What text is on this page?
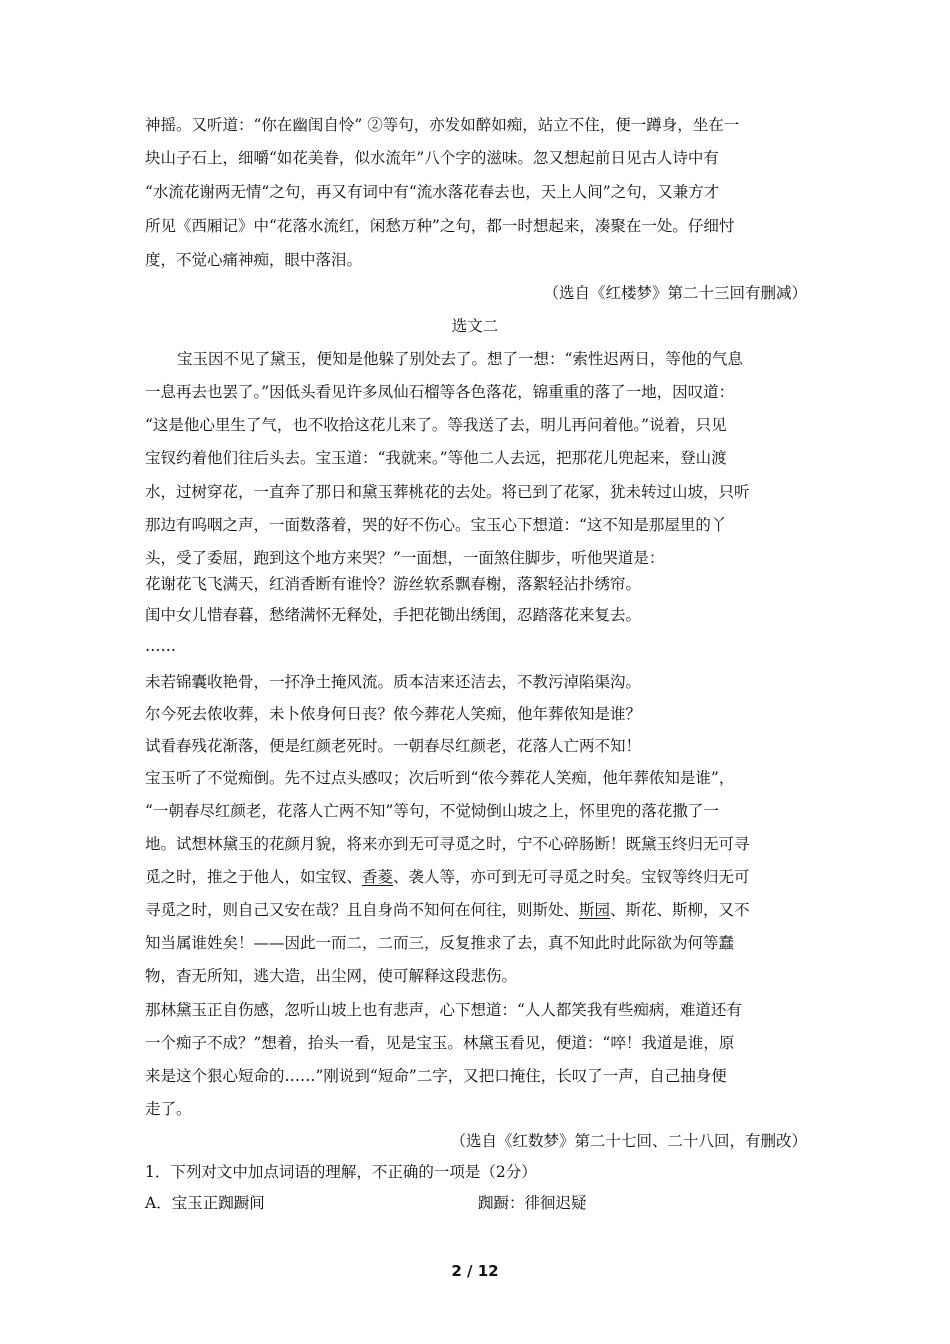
神摇。又听道：“你在幽闺自怜” ②等句，亦发如醉如痴，站立不住，便一蹲身，坐在一
块山子石上，细嚼“如花美眷，似水流年”八个字的滋味。忽又想起前日见古人诗中有
“水流花谢两无情“之句，再又有词中有“流水落花春去也，天上人间”之句，又兼方才
所见《西厢记》中“花落水流红，闲愁万种”之句，都一时想起来，凑聚在一处。仔细忖
度，不觉心痛神痴，眼中落泪。
（选自《红楼梦》第二十三回有删减）
选文二
宝玉因不见了黛玉，便知是他躲了别处去了。想了一想：“索性迟两日，等他的气息
一息再去也罢了。”因低头看见许多凤仙石榴等各色落花，锦重重的落了一地，因叹道：
“这是他心里生了气，也不收拾这花儿来了。等我送了去，明儿再问着他。”说着，只见
宝钗约着他们往后头去。宝玉道：“我就来。”等他二人去远，把那花儿兜起来，登山渡
水，过树穿花，一直奔了那日和黛玉葬桃花的去处。将已到了花冢，犹未转过山坡，只听
那边有呜咽之声，一面数落着，哭的好不伤心。宝玉心下想道：“这不知是那屋里的丫
头，受了委屈，跑到这个地方来哭？”一面想，一面煞住脚步，听他哭道是：
花谢花飞飞满天，红消香断有谁怜？游丝软系飘春榭，落絮轻沾扑绣帘。
闺中女儿惜春暮，愁绪满怀无释处，手把花锄出绣闺，忍踏落花来复去。
……
未若锦囊收艳骨，一抔净土掩风流。质本洁来还洁去，不教污淖陷渠沟。
尔今死去侬收葬，未卜侬身何日丧？侬今葬花人笑痴，他年葬侬知是谁？
试看春残花渐落，便是红颜老死时。一朝春尽红颜老，花落人亡两不知！
宝玉听了不觉痴倒。先不过点头感叹；次后听到“侬今葬花人笑痴，他年葬侬知是谁”，
“一朝春尽红颜老，花落人亡两不知”等句，不觉恸倒山坡之上，怀里兜的落花撒了一
地。试想林黛玉的花颜月貌，将来亦到无可寻觅之时，宁不心碎肠断！既黛玉终归无可寻
觅之时，推之于他人，如宝钗、香菱、袭人等，亦可到无可寻觅之时矣。宝钗等终归无可
寻觅之时，则自己又安在哉？且自身尚不知何在何往，则斯处、斯园、斯花、斯柳，又不
知当属谁姓矣！——因此一而二，二而三，反复推求了去，真不知此时此际欲为何等蠢
物，杳无所知，逃大造，出尘网，使可解释这段悲伤。
那林黛玉正自伤感，忽听山坡上也有悲声，心下想道：“人人都笑我有些痴病，难道还有
一个痴子不成？”想着，抬头一看，见是宝玉。林黛玉看见，便道：“啐！我道是谁，原
来是这个狠心短命的……”刚说到“短命”二字，又把口掩住，长叹了一声，自己抽身便
走了。
（选自《红数梦》第二十七回、二十八回，有删改）
1．下列对文中加点词语的理解，不正确的一项是（2分）
A．宝玉正踟蹰间	踟蹰：徘徊迟疑
2 / 12
